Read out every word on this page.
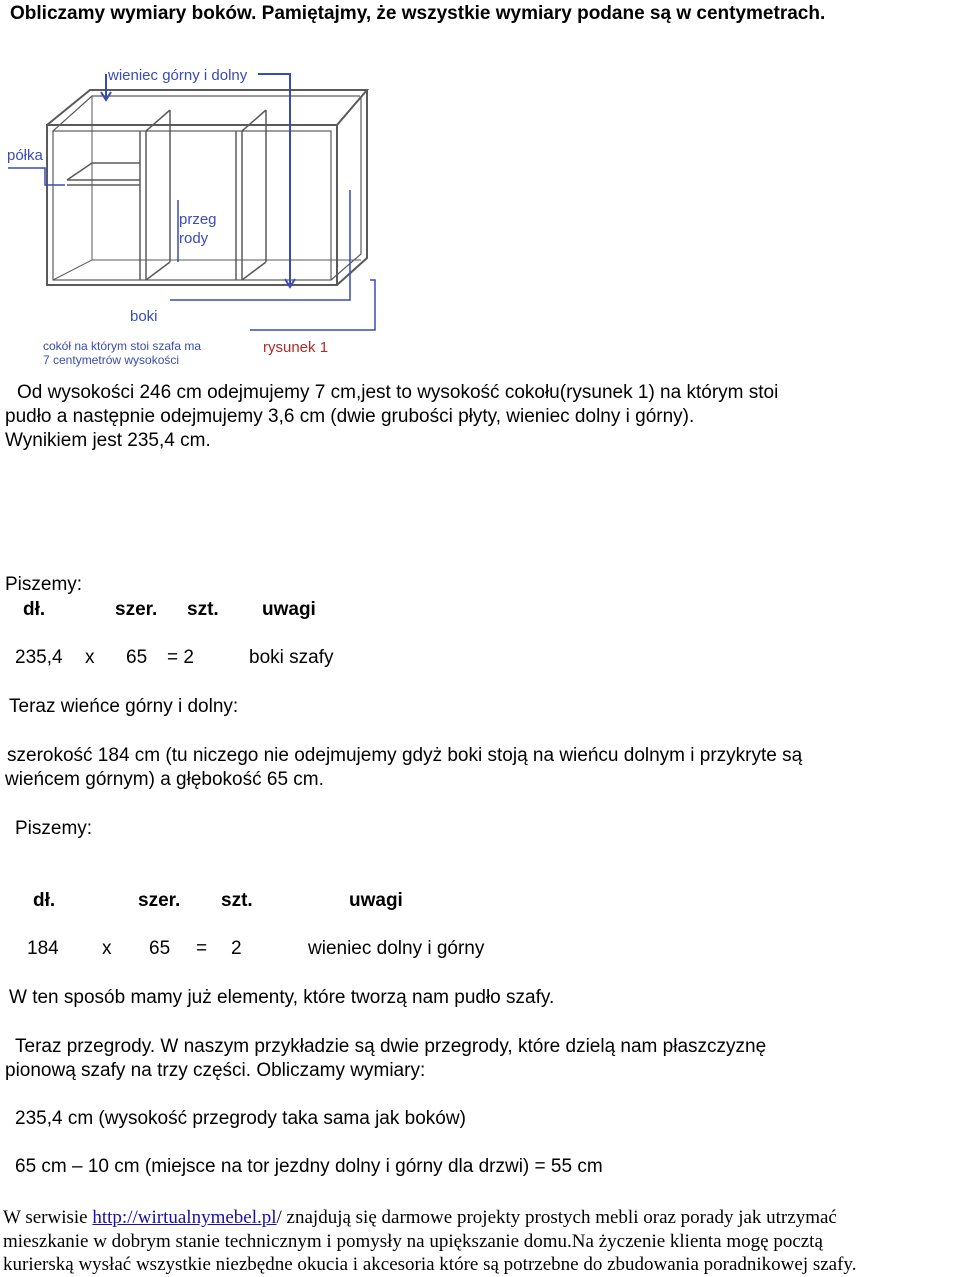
Obliczamy wymiary boków. Pamiętajmy, że wszystkie wymiary podane są w centymetrach.
wieniec górny i dolny
półka
przeg
rody
boki
cokół na którym stoi szafa ma
7 centymetrów wysokości
rysunek 1
Od wysokości 246 cm odejmujemy 7 cm,jest to wysokość cokołu(rysunek 1) na którym stoi
pudło a następnie odejmujemy 3,6 cm (dwie grubości płyty, wieniec dolny i górny).
Wynikiem jest 235,4 cm.
Piszemy:
dł.	szer. szt. uwagi
235,4 x 65 = 2	boki szafy
Teraz wieńce górny i dolny:
szerokość 184 cm (tu niczego nie odejmujemy gdyż boki stoją na wieńcu dolnym i przykryte są
wieńcem górnym) a głębokość 65 cm.
Piszemy:
dł.	szer. szt.	uwagi
184 x 65 = 2	wieniec dolny i górny
W ten sposób mamy już elementy, które tworzą nam pudło szafy.
Teraz przegrody. W naszym przykładzie są dwie przegrody, które dzielą nam płaszczyznę
pionową szafy na trzy części. Obliczamy wymiary:
235,4 cm (wysokość przegrody taka sama jak boków)
65 cm – 10 cm (miejsce na tor jezdny dolny i górny dla drzwi) = 55 cm
W serwisie http://wirtualnymebel.pl/ znajdują się darmowe projekty prostych mebli oraz porady jak utrzymać
mieszkanie w dobrym stanie technicznym i pomysły na upiększanie domu.Na życzenie klienta mogę pocztą
kurierską wysłać wszystkie niezbędne okucia i akcesoria które są potrzebne do zbudowania poradnikowej szafy.
